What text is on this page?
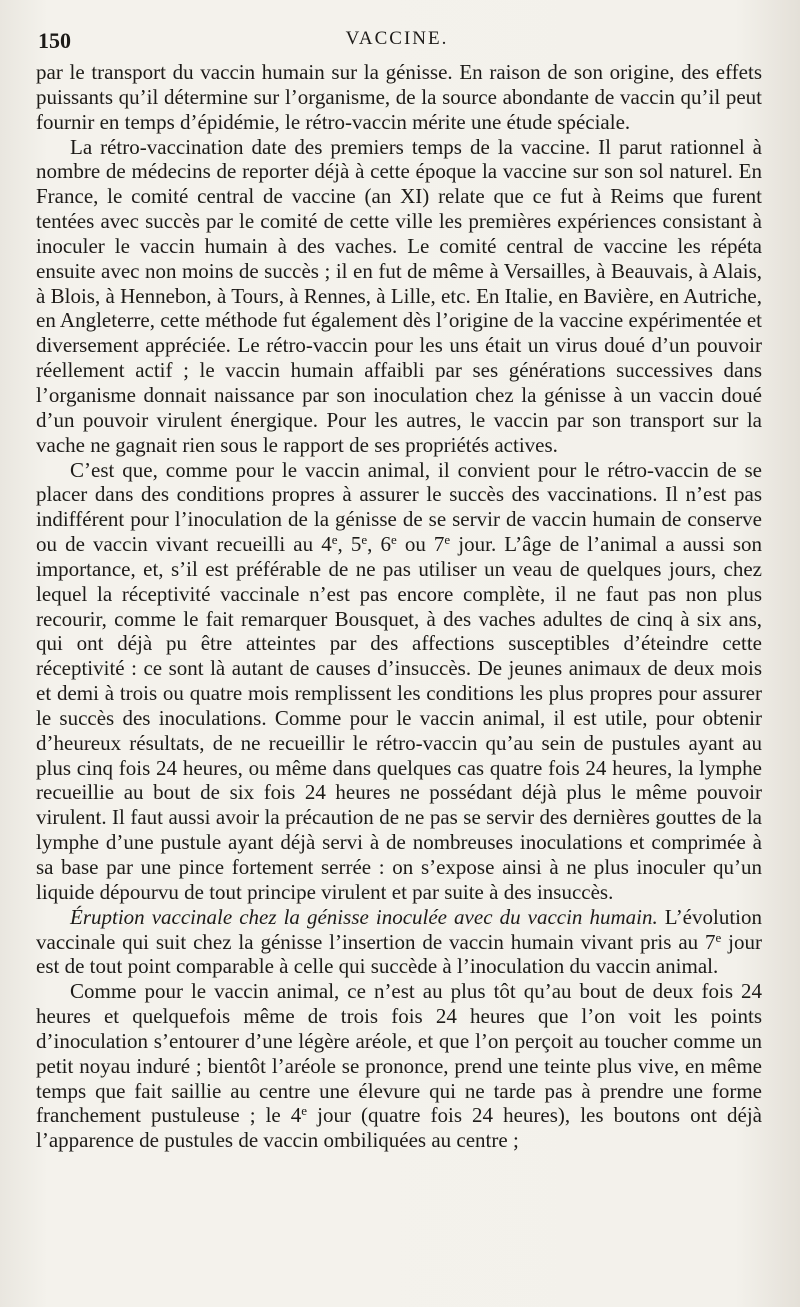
150	VACCINE.

par le transport du vaccin humain sur la génisse. En raison de son origine, des effets puissants qu’il détermine sur l’organisme, de la source abondante de vaccin qu’il peut fournir en temps d’épidémie, le rétro-vaccin mérite une étude spéciale.

La rétro-vaccination date des premiers temps de la vaccine. Il parut rationnel à nombre de médecins de reporter déjà à cette époque la vaccine sur son sol naturel. En France, le comité central de vaccine (an XI) relate que ce fut à Reims que furent tentées avec succès par le comité de cette ville les premières expériences consistant à inoculer le vaccin humain à des vaches. Le comité central de vaccine les répéta ensuite avec non moins de succès ; il en fut de même à Versailles, à Beauvais, à Alais, à Blois, à Hennebon, à Tours, à Rennes, à Lille, etc. En Italie, en Bavière, en Autriche, en Angleterre, cette méthode fut également dès l’origine de la vaccine expérimentée et diversement appréciée. Le rétro-vaccin pour les uns était un virus doué d’un pouvoir réellement actif ; le vaccin humain affaibli par ses générations successives dans l’organisme donnait naissance par son inoculation chez la génisse à un vaccin doué d’un pouvoir virulent énergique. Pour les autres, le vaccin par son transport sur la vache ne gagnait rien sous le rapport de ses propriétés actives.

C’est que, comme pour le vaccin animal, il convient pour le rétro-vaccin de se placer dans des conditions propres à assurer le succès des vaccinations. Il n’est pas indifférent pour l’inoculation de la génisse de se servir de vaccin humain de conserve ou de vaccin vivant recueilli au 4e, 5e, 6e ou 7e jour. L’âge de l’animal a aussi son importance, et, s’il est préférable de ne pas utiliser un veau de quelques jours, chez lequel la réceptivité vaccinale n’est pas encore complète, il ne faut pas non plus recourir, comme le fait remarquer Bousquet, à des vaches adultes de cinq à six ans, qui ont déjà pu être atteintes par des affections susceptibles d’éteindre cette réceptivité : ce sont là autant de causes d’insuccès. De jeunes animaux de deux mois et demi à trois ou quatre mois remplissent les conditions les plus propres pour assurer le succès des inoculations. Comme pour le vaccin animal, il est utile, pour obtenir d’heureux résultats, de ne recueillir le rétro-vaccin qu’au sein de pustules ayant au plus cinq fois 24 heures, ou même dans quelques cas quatre fois 24 heures, la lymphe recueillie au bout de six fois 24 heures ne possédant déjà plus le même pouvoir virulent. Il faut aussi avoir la précaution de ne pas se servir des dernières gouttes de la lymphe d’une pustule ayant déjà servi à de nombreuses inoculations et comprimée à sa base par une pince fortement serrée : on s’expose ainsi à ne plus inoculer qu’un liquide dépourvu de tout principe virulent et par suite à des insuccès.

Éruption vaccinale chez la génisse inoculée avec du vaccin humain. L’évolution vaccinale qui suit chez la génisse l’insertion de vaccin humain vivant pris au 7e jour est de tout point comparable à celle qui succède à l’inoculation du vaccin animal.

Comme pour le vaccin animal, ce n’est au plus tôt qu’au bout de deux fois 24 heures et quelquefois même de trois fois 24 heures que l’on voit les points d’inoculation s’entourer d’une légère aréole, et que l’on perçoit au toucher comme un petit noyau induré ; bientôt l’aréole se prononce, prend une teinte plus vive, en même temps que fait saillie au centre une élevure qui ne tarde pas à prendre une forme franchement pustuleuse ; le 4e jour (quatre fois 24 heures), les boutons ont déjà l’apparence de pustules de vaccin ombiliquées au centre ;
